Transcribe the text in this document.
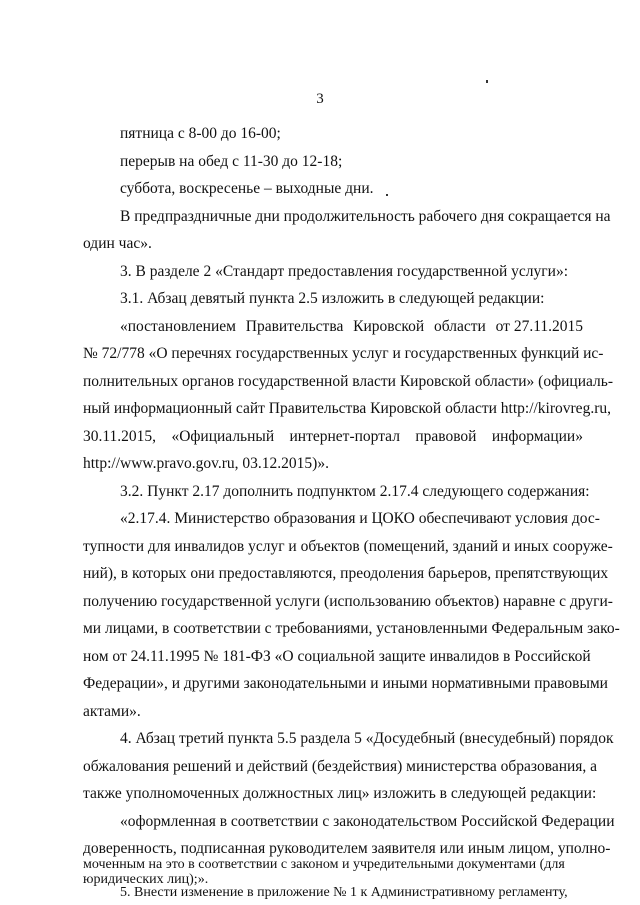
3
пятница с 8-00 до 16-00;
перерыв на обед с 11-30 до 12-18;
суббота, воскресенье – выходные дни.
В предпраздничные дни продолжительность рабочего дня сокращается на
один час».
3. В разделе 2 «Стандарт предоставления государственной услуги»:
3.1. Абзац девятый пункта 2.5 изложить в следующей редакции:
«постановлением Правительства Кировской области от 27.11.2015
№ 72/778 «О перечнях государственных услуг и государственных функций ис-
полнительных органов государственной власти Кировской области» (официаль-
ный информационный сайт Правительства Кировской области http://kirovreg.ru,
30.11.2015, «Официальный интернет-портал правовой информации»
http://www.pravo.gov.ru, 03.12.2015)».
3.2. Пункт 2.17 дополнить подпунктом 2.17.4 следующего содержания:
«2.17.4. Министерство образования и ЦОКО обеспечивают условия дос-
тупности для инвалидов услуг и объектов (помещений, зданий и иных сооруже-
ний), в которых они предоставляются, преодоления барьеров, препятствующих
получению государственной услуги (использованию объектов) наравне с други-
ми лицами, в соответствии с требованиями, установленными Федеральным зако-
ном от 24.11.1995 № 181-ФЗ «О социальной защите инвалидов в Российской
Федерации», и другими законодательными и иными нормативными правовыми
актами».
4. Абзац третий пункта 5.5 раздела 5 «Досудебный (внесудебный) порядок
обжалования решений и действий (бездействия) министерства образования, а
также уполномоченных должностных лиц» изложить в следующей редакции:
«оформленная в соответствии с законодательством Российской Федерации
доверенность, подписанная руководителем заявителя или иным лицом, уполно-
моченным на это в соответствии с законом и учредительными документами (для
юридических лиц);».
5. Внести изменение в приложение № 1 к Административному регламенту,
